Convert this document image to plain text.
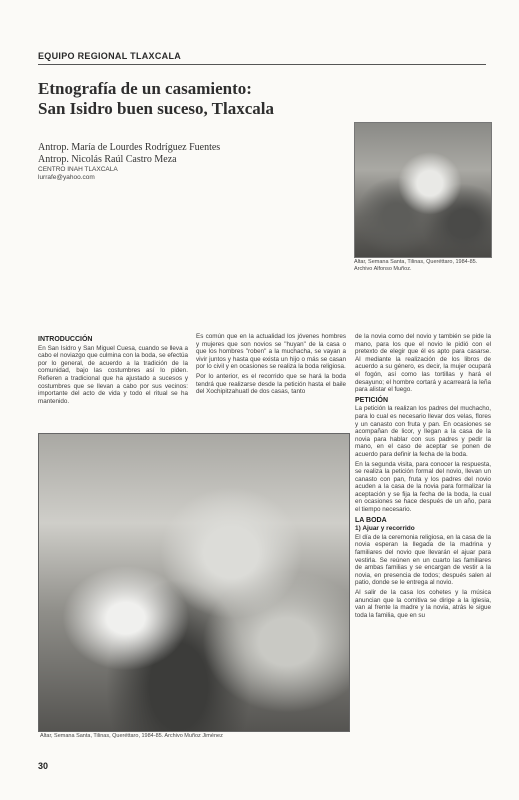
EQUIPO REGIONAL TLAXCALA
Etnografía de un casamiento:
San Isidro buen suceso, Tlaxcala
Antrop. María de Lourdes Rodríguez Fuentes
Antrop. Nicolás Raúl Castro Meza
CENTRO INAH TLAXCALA
lurrafe@yahoo.com
Altar, Semana Santa, Tilinas, Queréttaro, 1984-85. Archivo Alfonso Muñoz.
INTRODUCCIÓN

En San Isidro y San Miguel Cuesa, cuando se lleva a cabo el noviazgo que culmina con la boda, se efectúa por lo general, de acuerdo a la tradición de la comunidad, bajo las costumbres así lo piden. Refieren a tradicional que ha ajustado a sucesos y costumbres que se llevan a cabo por sus vecinos: importante del acto de vida y todo el ritual se ha mantenido.

Es común que en la actualidad los jóvenes hombres y mujeres que son novios se "huyan" de la casa o que los hombres "roben" a la muchacha, se vayan a vivir juntos y hasta que exista un hijo o más se casan por lo civil y en ocasiones se realiza la boda religiosa.

Por lo anterior, es el recorrido que se hará la boda tendrá que realizarse desde la petición hasta el baile del Xochipitzahuatl de dos casas, tanto

de la novia como del novio y también se pide la mano, para los que el novio le pidió con el pretexto de elegir que él es apto para casarse. Al mediante la realización de los libros de acuerdo a su género, es decir, la mujer ocupará el fogón, así como las tortillas y hará el desayuno; el hombre cortará y acarreará la leña para alistar el fuego.

PETICIÓN

La petición la realizan los padres del muchacho, para lo cual es necesario llevar dos velas, flores y un canasto con fruta y pan. En ocasiones se acompañan de licor, y llegan a la casa de la novia para hablar con sus padres y pedir la mano, en el caso de aceptar se ponen de acuerdo para definir la fecha de la boda.

En la segunda visita, para conocer la respuesta, se realiza la petición formal del novio, llevan un canasto con pan, fruta y los padres del novio acuden a la casa de la novia para formalizar la aceptación y se fija la fecha de la boda, la cual en ocasiones se hace después de un año, para el tiempo necesario.

LA BODA
1) Ajuar y recorrido

El día de la ceremonia religiosa, en la casa de la novia esperan la llegada de la madrina y familiares del novio que llevarán el ajuar para vestirla. Se reúnen en un cuarto las familiares de ambas familias y se encargan de vestir a la novia, en presencia de todos; después salen al patio, donde se le entrega al novio.

Al salir de la casa los cohetes y la música anuncian que la comitiva se dirige a la iglesia, van al frente la madre y la novia, atrás le sigue toda la familia, que en su

Altar, Semana Santa, Tilinas, Queréttaro, 1984-85. Archivo Muñoz Jiménez
30
